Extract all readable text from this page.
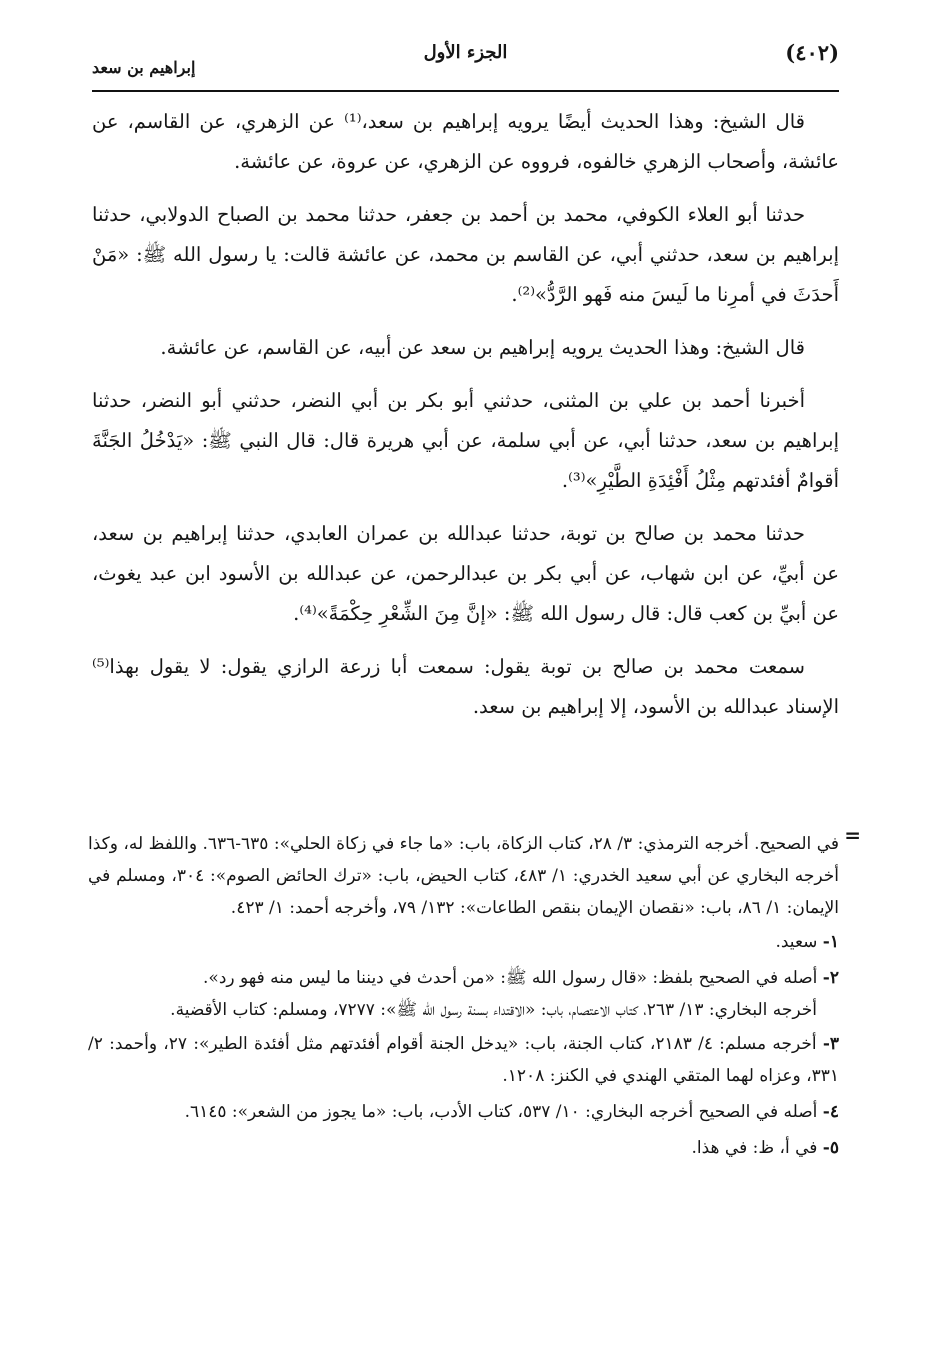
(٤٠٢)
الجزء الأول
إبراهيم بن سعد

قال الشيخ: وهذا الحديث أيضًا يرويه إبراهيم بن سعد،⁽¹⁾ عن الزهري، عن القاسم، عن عائشة، وأصحاب الزهري خالفوه، فرووه عن الزهري، عن عروة، عن عائشة.

حدثنا أبو العلاء الكوفي، محمد بن أحمد بن جعفر، حدثنا محمد بن الصباح الدولابي، حدثنا إبراهيم بن سعد، حدثني أبي، عن القاسم بن محمد، عن عائشة قالت: يا رسول الله ﷺ: «مَنْ أَحدَثَ في أمرِنا ما لَيسَ منه فَهو الرَّدُّ»⁽²⁾.

قال الشيخ: وهذا الحديث يرويه إبراهيم بن سعد عن أبيه، عن القاسم، عن عائشة.

أخبرنا أحمد بن علي بن المثنى، حدثني أبو بكر بن أبي النضر، حدثني أبو النضر، حدثنا إبراهيم بن سعد، حدثنا أبي، عن أبي سلمة، عن أبي هريرة قال: قال النبي ﷺ: «يَدْخُلُ الجَنَّةَ أقوامٌ أفئدتهم مِثْلُ أَفْئِدَةِ الطَّيْرِ»⁽³⁾.

حدثنا محمد بن صالح بن توبة، حدثنا عبدالله بن عمران العابدي، حدثنا إبراهيم بن سعد، عن أبيِّ، عن ابن شهاب، عن أبي بكر بن عبدالرحمن، عن عبدالله بن الأسود ابن عبد يغوث، عن أبيِّ بن كعب قال: قال رسول الله ﷺ: «إنَّ مِنَ الشِّعْرِ حِكْمَةً»⁽⁴⁾.

سمعت محمد بن صالح بن توبة يقول: سمعت أبا زرعة الرازي يقول: لا يقول بهذا⁽⁵⁾ الإسناد عبدالله بن الأسود، إلا إبراهيم بن سعد.

=

في الصحيح. أخرجه الترمذي: ٣/ ٢٨، كتاب الزكاة، باب: «ما جاء في زكاة الحلي»: ٦٣٥-٦٣٦. واللفظ له، وكذا أخرجه البخاري عن أبي سعيد الخدري: ١/ ٤٨٣، كتاب الحيض، باب: «ترك الحائض الصوم»: ٣٠٤، ومسلم في الإيمان: ١/ ٨٦، باب: «نقصان الإيمان بنقص الطاعات»: ١٣٢/ ٧٩، وأخرجه أحمد: ١/ ٤٢٣.

١- سعيد.

٢- أصله في الصحيح بلفظ: «قال رسول الله ﷺ: «من أحدث في ديننا ما ليس منه فهو رد».

أخرجه البخاري: ١٣/ ٢٦٣، كتاب الاعتصام، باب: «الاقتداء بسنة رسول الله ﷺ»: ٧٢٧٧، ومسلم: كتاب الأقضية.

٣- أخرجه مسلم: ٤/ ٢١٨٣، كتاب الجنة، باب: «يدخل الجنة أقوام أفئدتهم مثل أفئدة الطير»: ٢٧، وأحمد: ٢/ ٣٣١، وعزاه لهما المتقي الهندي في الكنز: ١٢٠٨.

٤- أصله في الصحيح أخرجه البخاري: ١٠/ ٥٣٧، كتاب الأدب، باب: «ما يجوز من الشعر»: ٦١٤٥.

٥- في أ، ظ: في هذا.
